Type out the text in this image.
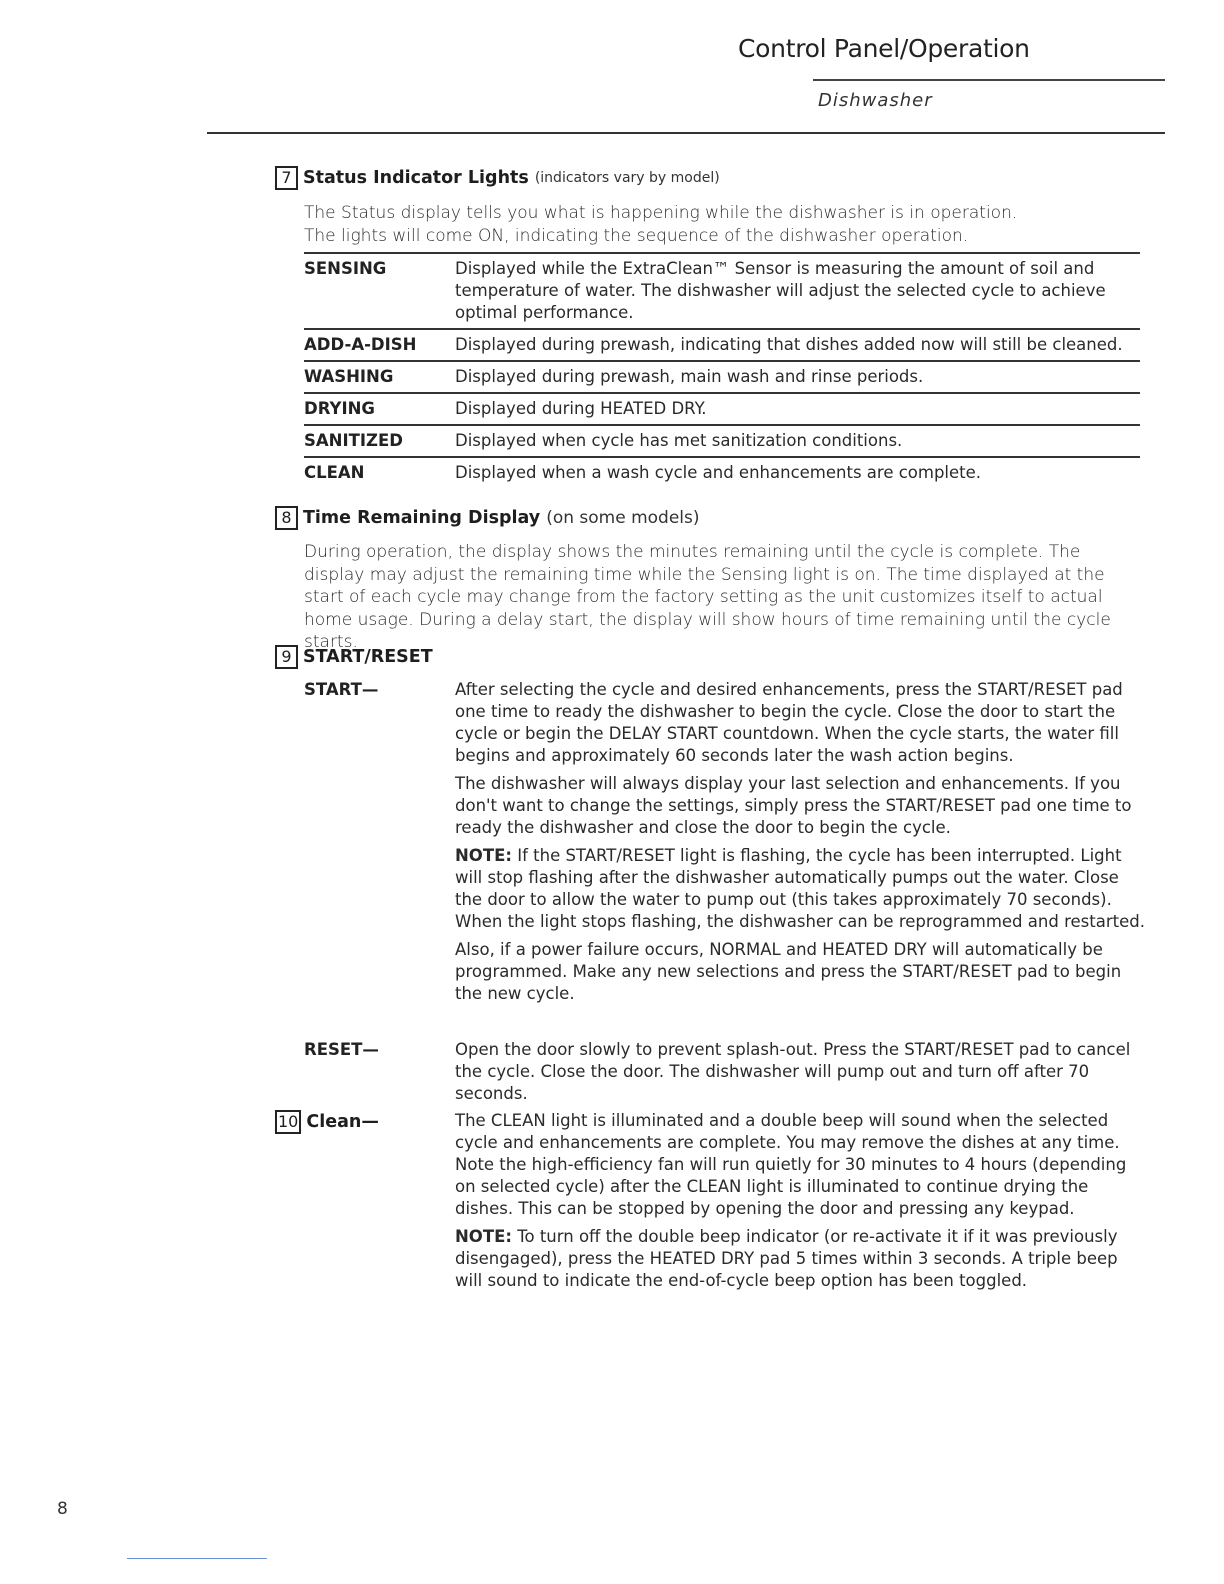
Control Panel/Operation
Dishwasher
7 Status Indicator Lights (indicators vary by model)
The Status display tells you what is happening while the dishwasher is in operation.
The lights will come ON, indicating the sequence of the dishwasher operation.
SENSING	Displayed while the ExtraClean™ Sensor is measuring the amount of soil and temperature of water. The dishwasher will adjust the selected cycle to achieve optimal performance.
ADD-A-DISH	Displayed during prewash, indicating that dishes added now will still be cleaned.
WASHING	Displayed during prewash, main wash and rinse periods.
DRYING	Displayed during HEATED DRY.
SANITIZED	Displayed when cycle has met sanitization conditions.
CLEAN	Displayed when a wash cycle and enhancements are complete.
8 Time Remaining Display (on some models)
During operation, the display shows the minutes remaining until the cycle is complete. The display may adjust the remaining time while the Sensing light is on. The time displayed at the start of each cycle may change from the factory setting as the unit customizes itself to actual home usage. During a delay start, the display will show hours of time remaining until the cycle starts.
9 START/RESET
START—	After selecting the cycle and desired enhancements, press the START/RESET pad one time to ready the dishwasher to begin the cycle. Close the door to start the cycle or begin the DELAY START countdown. When the cycle starts, the water fill begins and approximately 60 seconds later the wash action begins.

The dishwasher will always display your last selection and enhancements. If you don't want to change the settings, simply press the START/RESET pad one time to ready the dishwasher and close the door to begin the cycle.

NOTE: If the START/RESET light is flashing, the cycle has been interrupted. Light will stop flashing after the dishwasher automatically pumps out the water. Close the door to allow the water to pump out (this takes approximately 70 seconds). When the light stops flashing, the dishwasher can be reprogrammed and restarted.

Also, if a power failure occurs, NORMAL and HEATED DRY will automatically be programmed. Make any new selections and press the START/RESET pad to begin the new cycle.

RESET—	Open the door slowly to prevent splash-out. Press the START/RESET pad to cancel the cycle. Close the door. The dishwasher will pump out and turn off after 70 seconds.
10 Clean—	The CLEAN light is illuminated and a double beep will sound when the selected cycle and enhancements are complete. You may remove the dishes at any time. Note the high-efficiency fan will run quietly for 30 minutes to 4 hours (depending on selected cycle) after the CLEAN light is illuminated to continue drying the dishes. This can be stopped by opening the door and pressing any keypad.

NOTE: To turn off the double beep indicator (or re-activate it if it was previously disengaged), press the HEATED DRY pad 5 times within 3 seconds. A triple beep will sound to indicate the end-of-cycle beep option has been toggled.

8
